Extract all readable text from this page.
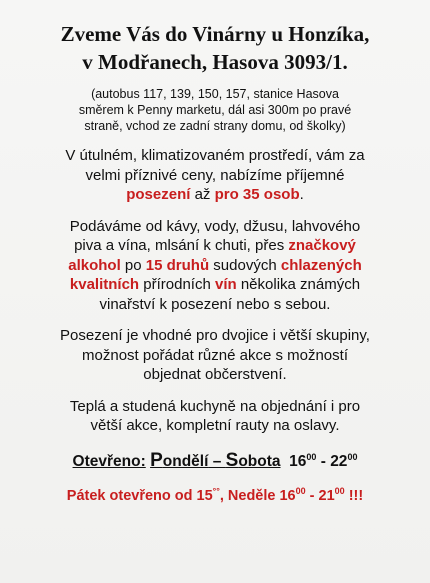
Zveme Vás do Vinárny u Honzíka,
v Modřanech, Hasova 3093/1.

(autobus 117, 139, 150, 157, stanice Hasova
směrem k Penny marketu, dál asi 300m po pravé
straně, vchod ze zadní strany domu, od školky)

V útulném, klimatizovaném prostředí, vám za
velmi příznivé ceny, nabízíme příjemné
posezení až pro 35 osob.

Podáváme od kávy, vody, džusu, lahvového
piva a vína, mlsání k chuti, přes značkový
alkohol po 15 druhů sudových chlazených
kvalitních přírodních vín několika známých
vinařství k posezení nebo s sebou.

Posezení je vhodné pro dvojice i větší skupiny,
možnost pořádat různé akce s možností
objednat občerstvení.

Teplá a studená kuchyně na objednání i pro
větší akce, kompletní rauty na oslavy.

Otevřeno: Pondělí – Sobota $16^{00} - 22^{00}$
Pátek otevřeno od 15°°, Neděle $16^{00} - 21^{00}$ !!!
